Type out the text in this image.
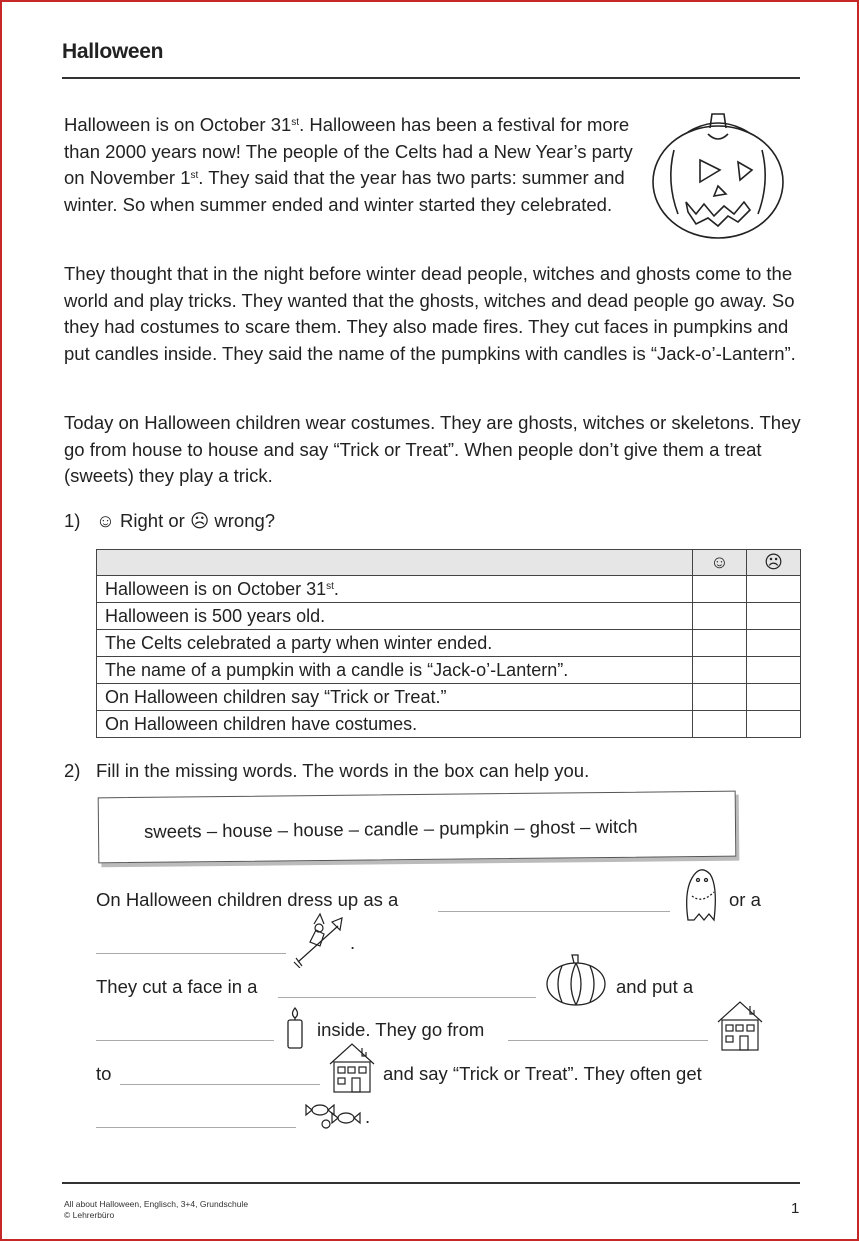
Halloween
Halloween is on October 31st. Halloween has been a festival for more than 2000 years now! The people of the Celts had a New Year’s party on November 1st. They said that the year has two parts: summer and winter. So when summer ended and winter started they celebrated.
They thought that in the night before winter dead people, witches and ghosts come to the world and play tricks. They wanted that the ghosts, witches and dead people go away. So they had costumes to scare them. They also made fires. They cut faces in pumpkins and put candles inside. They said the name of the pumpkins with candles is “Jack-o’-Lantern”.
Today on Halloween children wear costumes. They are ghosts, witches or skeletons. They go from house to house and say “Trick or Treat”. When people don’t give them a treat (sweets) they play a trick.
1) ☺ Right or ☹ wrong?
	☺	☹
Halloween is on October 31st.		
Halloween is 500 years old.		
The Celts celebrated a party when winter ended.		
The name of a pumpkin with a candle is “Jack-o’-Lantern”.		
On Halloween children say “Trick or Treat.”		
On Halloween children have costumes.		
2) Fill in the missing words. The words in the box can help you.
sweets – house – house – candle – pumpkin – ghost – witch
On Halloween children dress up as a	or a
.
They cut a face in a	and put a
inside. They go from
to	and say “Trick or Treat”. They often get
.
All about Halloween, Englisch, 3+4, Grundschule
© Lehrerbüro	1
